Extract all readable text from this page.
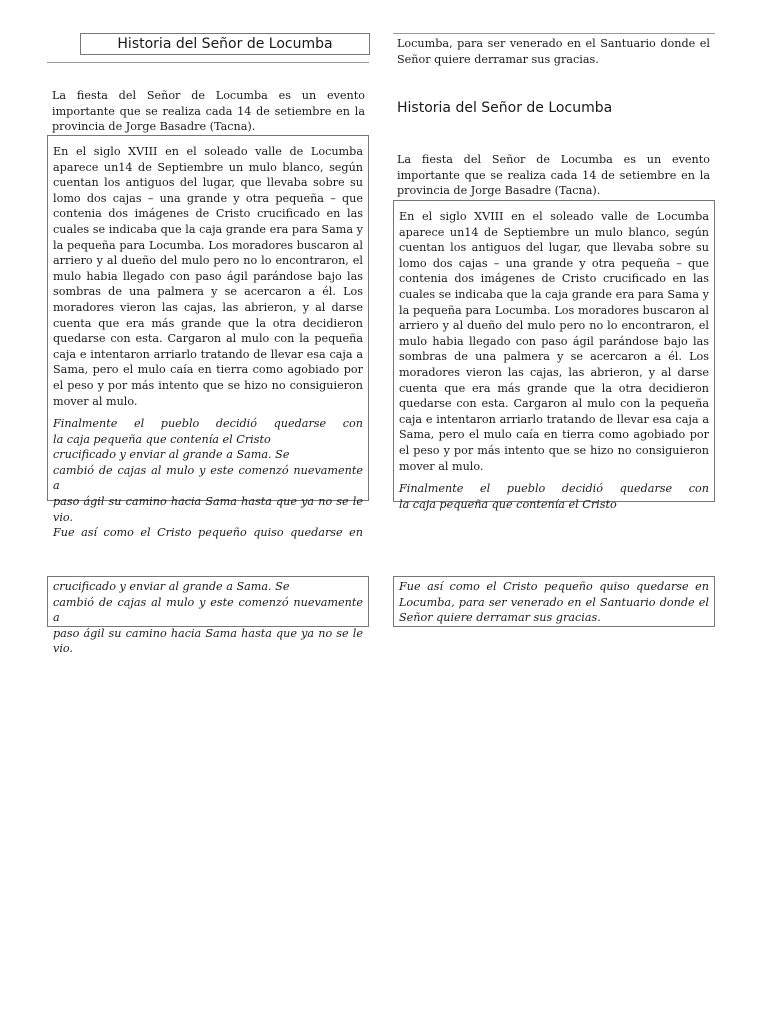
Historia del Señor de Locumba

La fiesta del Señor de Locumba es un evento importante que se realiza cada 14 de setiembre en la provincia de Jorge Basadre (Tacna).

En el siglo XVIII en el soleado valle de Locumba aparece un14 de Septiembre un mulo blanco, según cuentan los antiguos del lugar, que llevaba sobre su lomo dos cajas – una grande y otra pequeña – que contenia dos imágenes de Cristo crucificado en las cuales se indicaba que la caja grande era para Sama y la pequeña para Locumba. Los moradores buscaron al arriero y al dueño del mulo pero no lo encontraron, el mulo habia llegado con paso ágil parándose bajo las sombras de una palmera y se acercaron a él. Los moradores vieron las cajas, las abrieron, y al darse cuenta que era más grande que la otra decidieron quedarse con esta. Cargaron al mulo con la pequeña caja e intentaron arriarlo tratando de llevar esa caja a Sama, pero el mulo caía en tierra como agobiado por el peso y por más intento que se hizo no consiguieron mover al mulo.

Finalmente el pueblo decidió quedarse con
la caja pequeña que contenía el Cristo
crucificado y enviar al grande a Sama. Se
cambió de cajas al mulo y este comenzó nuevamente a
paso ágil su camino hacia Sama hasta que ya no se le vio.
Fue así como el Cristo pequeño quiso quedarse en

crucificado y enviar al grande a Sama. Se
cambió de cajas al mulo y este comenzó nuevamente a
paso ágil su camino hacia Sama hasta que ya no se le vio.

Locumba, para ser venerado en el Santuario donde el Señor quiere derramar sus gracias.

Historia del Señor de Locumba

La fiesta del Señor de Locumba es un evento importante que se realiza cada 14 de setiembre en la provincia de Jorge Basadre (Tacna).

En el siglo XVIII en el soleado valle de Locumba aparece un14 de Septiembre un mulo blanco, según cuentan los antiguos del lugar, que llevaba sobre su lomo dos cajas – una grande y otra pequeña – que contenia dos imágenes de Cristo crucificado en las cuales se indicaba que la caja grande era para Sama y la pequeña para Locumba. Los moradores buscaron al arriero y al dueño del mulo pero no lo encontraron, el mulo habia llegado con paso ágil parándose bajo las sombras de una palmera y se acercaron a él. Los moradores vieron las cajas, las abrieron, y al darse cuenta que era más grande que la otra decidieron quedarse con esta. Cargaron al mulo con la pequeña caja e intentaron arriarlo tratando de llevar esa caja a Sama, pero el mulo caía en tierra como agobiado por el peso y por más intento que se hizo no consiguieron mover al mulo.

Finalmente el pueblo decidió quedarse con
la caja pequeña que contenía el Cristo

Fue así como el Cristo pequeño quiso quedarse en Locumba, para ser venerado en el Santuario donde el Señor quiere derramar sus gracias.
